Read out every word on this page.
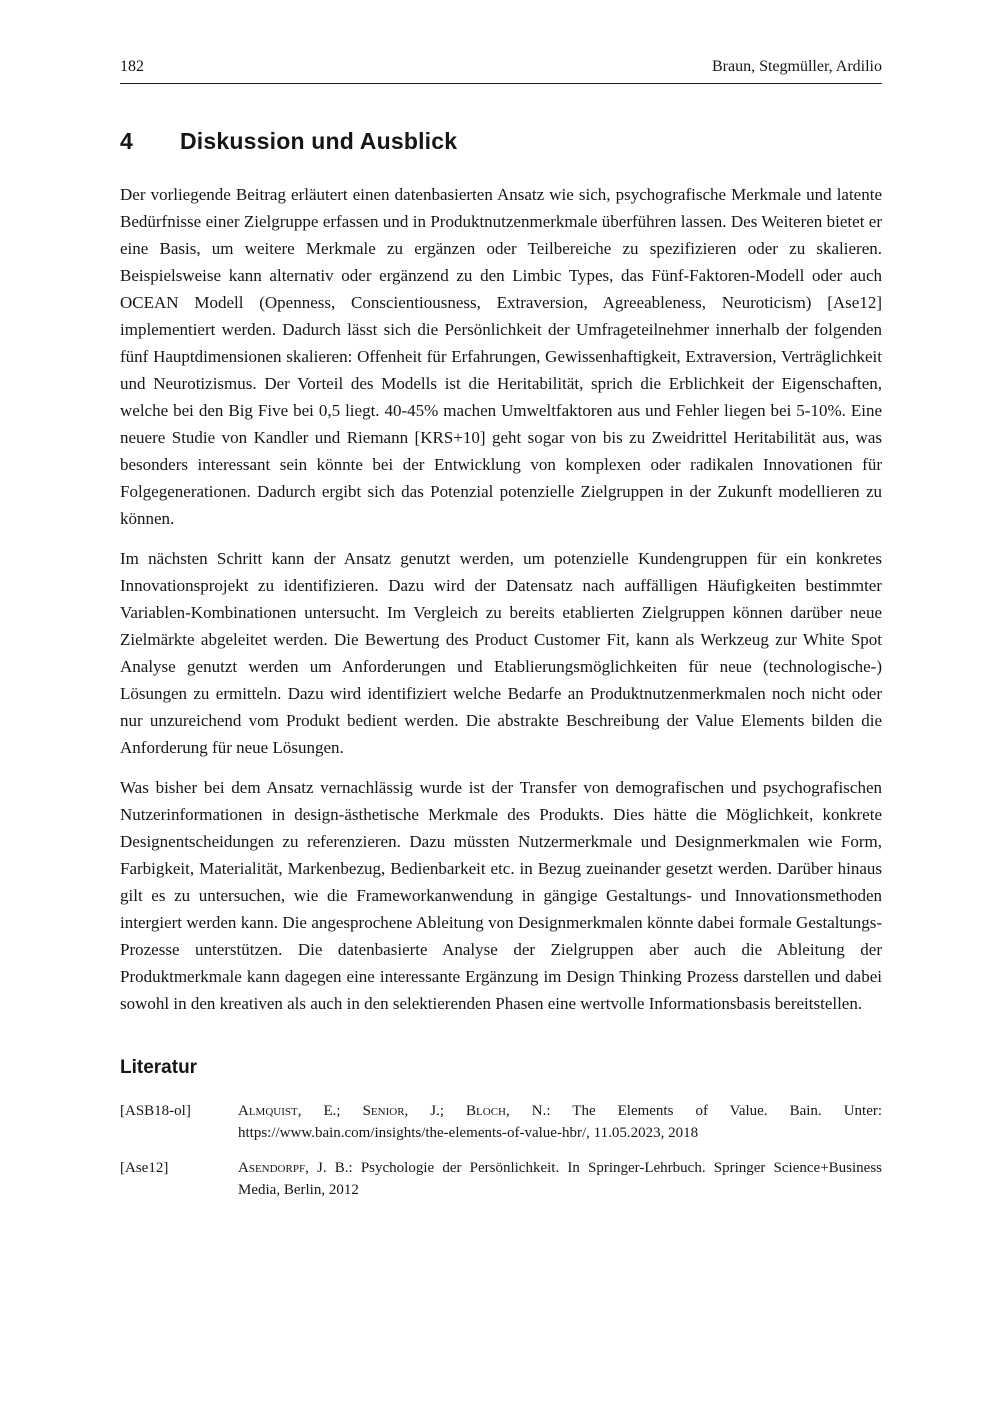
182	Braun, Stegmüller, Ardilio
4	Diskussion und Ausblick

Der vorliegende Beitrag erläutert einen datenbasierten Ansatz wie sich, psychografische Merkmale und latente Bedürfnisse einer Zielgruppe erfassen und in Produktnutzenmerkmale überführen lassen. Des Weiteren bietet er eine Basis, um weitere Merkmale zu ergänzen oder Teilbereiche zu spezifizieren oder zu skalieren. Beispielsweise kann alternativ oder ergänzend zu den Limbic Types, das Fünf-Faktoren-Modell oder auch OCEAN Modell (Openness, Conscientiousness, Extraversion, Agreeableness, Neuroticism) [Ase12] implementiert werden. Dadurch lässt sich die Persönlichkeit der Umfrageteilnehmer innerhalb der folgenden fünf Hauptdimensionen skalieren: Offenheit für Erfahrungen, Gewissenhaftigkeit, Extraversion, Verträglichkeit und Neurotizismus. Der Vorteil des Modells ist die Heritabilität, sprich die Erblichkeit der Eigenschaften, welche bei den Big Five bei 0,5 liegt. 40-45% machen Umweltfaktoren aus und Fehler liegen bei 5-10%. Eine neuere Studie von Kandler und Riemann [KRS+10] geht sogar von bis zu Zweidrittel Heritabilität aus, was besonders interessant sein könnte bei der Entwicklung von komplexen oder radikalen Innovationen für Folgegenerationen. Dadurch ergibt sich das Potenzial potenzielle Zielgruppen in der Zukunft modellieren zu können.

Im nächsten Schritt kann der Ansatz genutzt werden, um potenzielle Kundengruppen für ein konkretes Innovationsprojekt zu identifizieren. Dazu wird der Datensatz nach auffälligen Häufigkeiten bestimmter Variablen-Kombinationen untersucht. Im Vergleich zu bereits etablierten Zielgruppen können darüber neue Zielmärkte abgeleitet werden. Die Bewertung des Product Customer Fit, kann als Werkzeug zur White Spot Analyse genutzt werden um Anforderungen und Etablierungsmöglichkeiten für neue (technologische-) Lösungen zu ermitteln. Dazu wird identifiziert welche Bedarfe an Produktnutzenmerkmalen noch nicht oder nur unzureichend vom Produkt bedient werden. Die abstrakte Beschreibung der Value Elements bilden die Anforderung für neue Lösungen.

Was bisher bei dem Ansatz vernachlässig wurde ist der Transfer von demografischen und psychografischen Nutzerinformationen in design-ästhetische Merkmale des Produkts. Dies hätte die Möglichkeit, konkrete Designentscheidungen zu referenzieren. Dazu müssten Nutzermerkmale und Designmerkmalen wie Form, Farbigkeit, Materialität, Markenbezug, Bedienbarkeit etc. in Bezug zueinander gesetzt werden. Darüber hinaus gilt es zu untersuchen, wie die Frameworkanwendung in gängige Gestaltungs- und Innovationsmethoden intergiert werden kann. Die angesprochene Ableitung von Designmerkmalen könnte dabei formale Gestaltungs-Prozesse unterstützen. Die datenbasierte Analyse der Zielgruppen aber auch die Ableitung der Produktmerkmale kann dagegen eine interessante Ergänzung im Design Thinking Prozess darstellen und dabei sowohl in den kreativen als auch in den selektierenden Phasen eine wertvolle Informationsbasis bereitstellen.

Literatur
[ASB18-ol]	Almquist, E.; Senior, J.; Bloch, N.: The Elements of Value. Bain. Unter: https://www.bain.com/insights/the-elements-of-value-hbr/, 11.05.2023, 2018
[Ase12]	Asendorpf, J. B.: Psychologie der Persönlichkeit. In Springer-Lehrbuch. Springer Science+Business Media, Berlin, 2012
